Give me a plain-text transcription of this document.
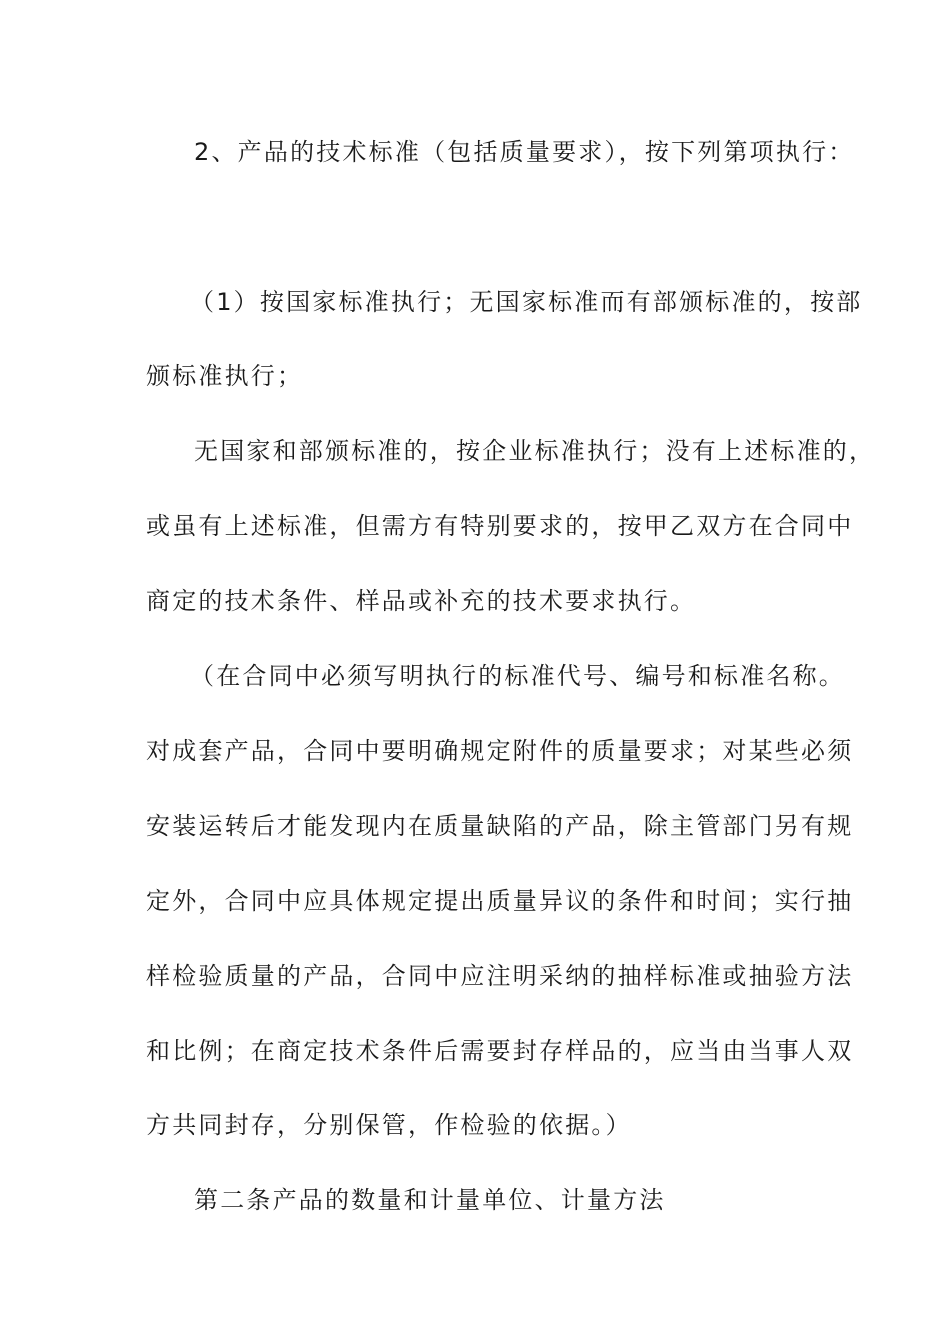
2、产品的技术标准（包括质量要求），按下列第项执行：
（1）按国家标准执行；无国家标准而有部颁标准的，按部
颁标准执行；
无国家和部颁标准的，按企业标准执行；没有上述标准的，
或虽有上述标准，但需方有特别要求的，按甲乙双方在合同中
商定的技术条件、样品或补充的技术要求执行。
（在合同中必须写明执行的标准代号、编号和标准名称。
对成套产品，合同中要明确规定附件的质量要求；对某些必须
安装运转后才能发现内在质量缺陷的产品，除主管部门另有规
定外，合同中应具体规定提出质量异议的条件和时间；实行抽
样检验质量的产品，合同中应注明采纳的抽样标准或抽验方法
和比例；在商定技术条件后需要封存样品的，应当由当事人双
方共同封存，分别保管，作检验的依据。）
第二条产品的数量和计量单位、计量方法
